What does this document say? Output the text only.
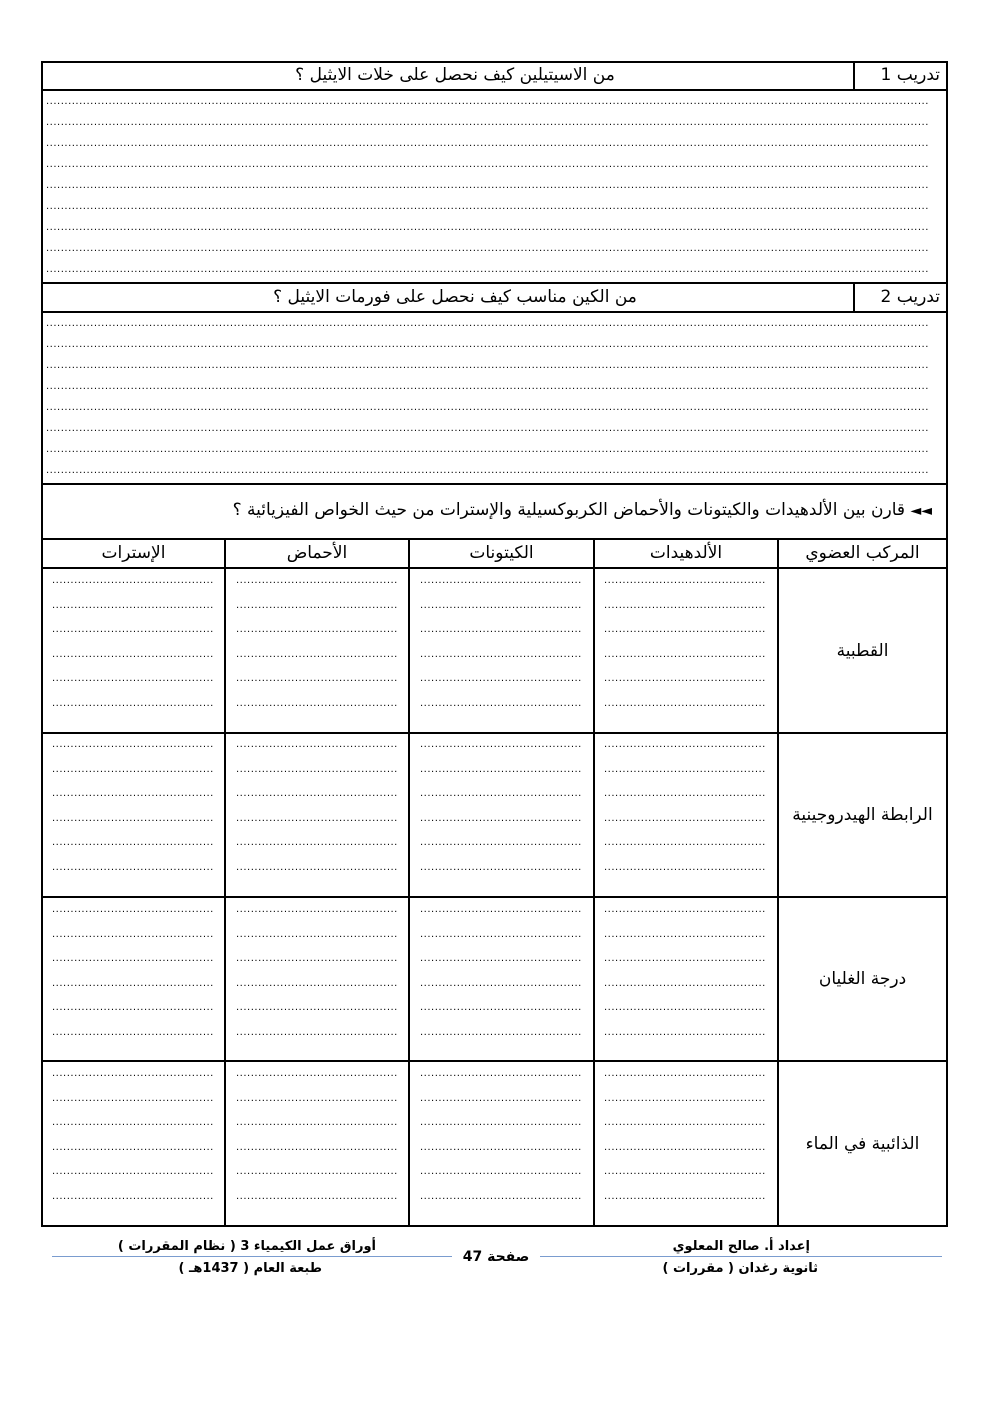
تدريب 1
من الاسيتيلين كيف نحصل على خلات الايثيل ؟
.....
.....
.....
.....
.....
.....
.....
.....
.....
تدريب 2
من الكين مناسب كيف نحصل على فورمات الايثيل ؟
.....
.....
.....
.....
.....
.....
.....
.....
◄◄ قارن بين الألدهيدات والكيتونات والأحماض الكربوكسيلية والإسترات من حيث الخواص الفيزيائية ؟
المركب العضوي
الألدهيدات
الكيتونات
الأحماض
الإسترات
القطبية
الرابطة الهيدروجينية
درجة الغليان
الذائبية في الماء
.....
.....
.....
.....
.....
.....
.....
.....
.....
.....
.....
.....
.....
.....
.....
.....
.....
.....
.....
.....
.....
.....
.....
.....
.....
.....
.....
.....
.....
.....
.....
.....
.....
.....
.....
.....
.....
.....
.....
.....
.....
.....
.....
.....
.....
.....
.....
.....
.....
.....
.....
.....
.....
.....
.....
.....
.....
.....
.....
.....
.....
.....
.....
.....
.....
.....
.....
.....
.....
.....
.....
.....
.....
.....
.....
.....
.....
.....
.....
.....
.....
.....
.....
.....
.....
.....
.....
.....
.....
.....
.....
.....
.....
.....
.....
.....
إعداد أ. صالح المعلوي
ثانوية رغدان ( مقررات )
صفحة 47
أوراق عمل الكيمياء 3 ( نظام المقررات )
طبعة العام ( 1437هـ )
